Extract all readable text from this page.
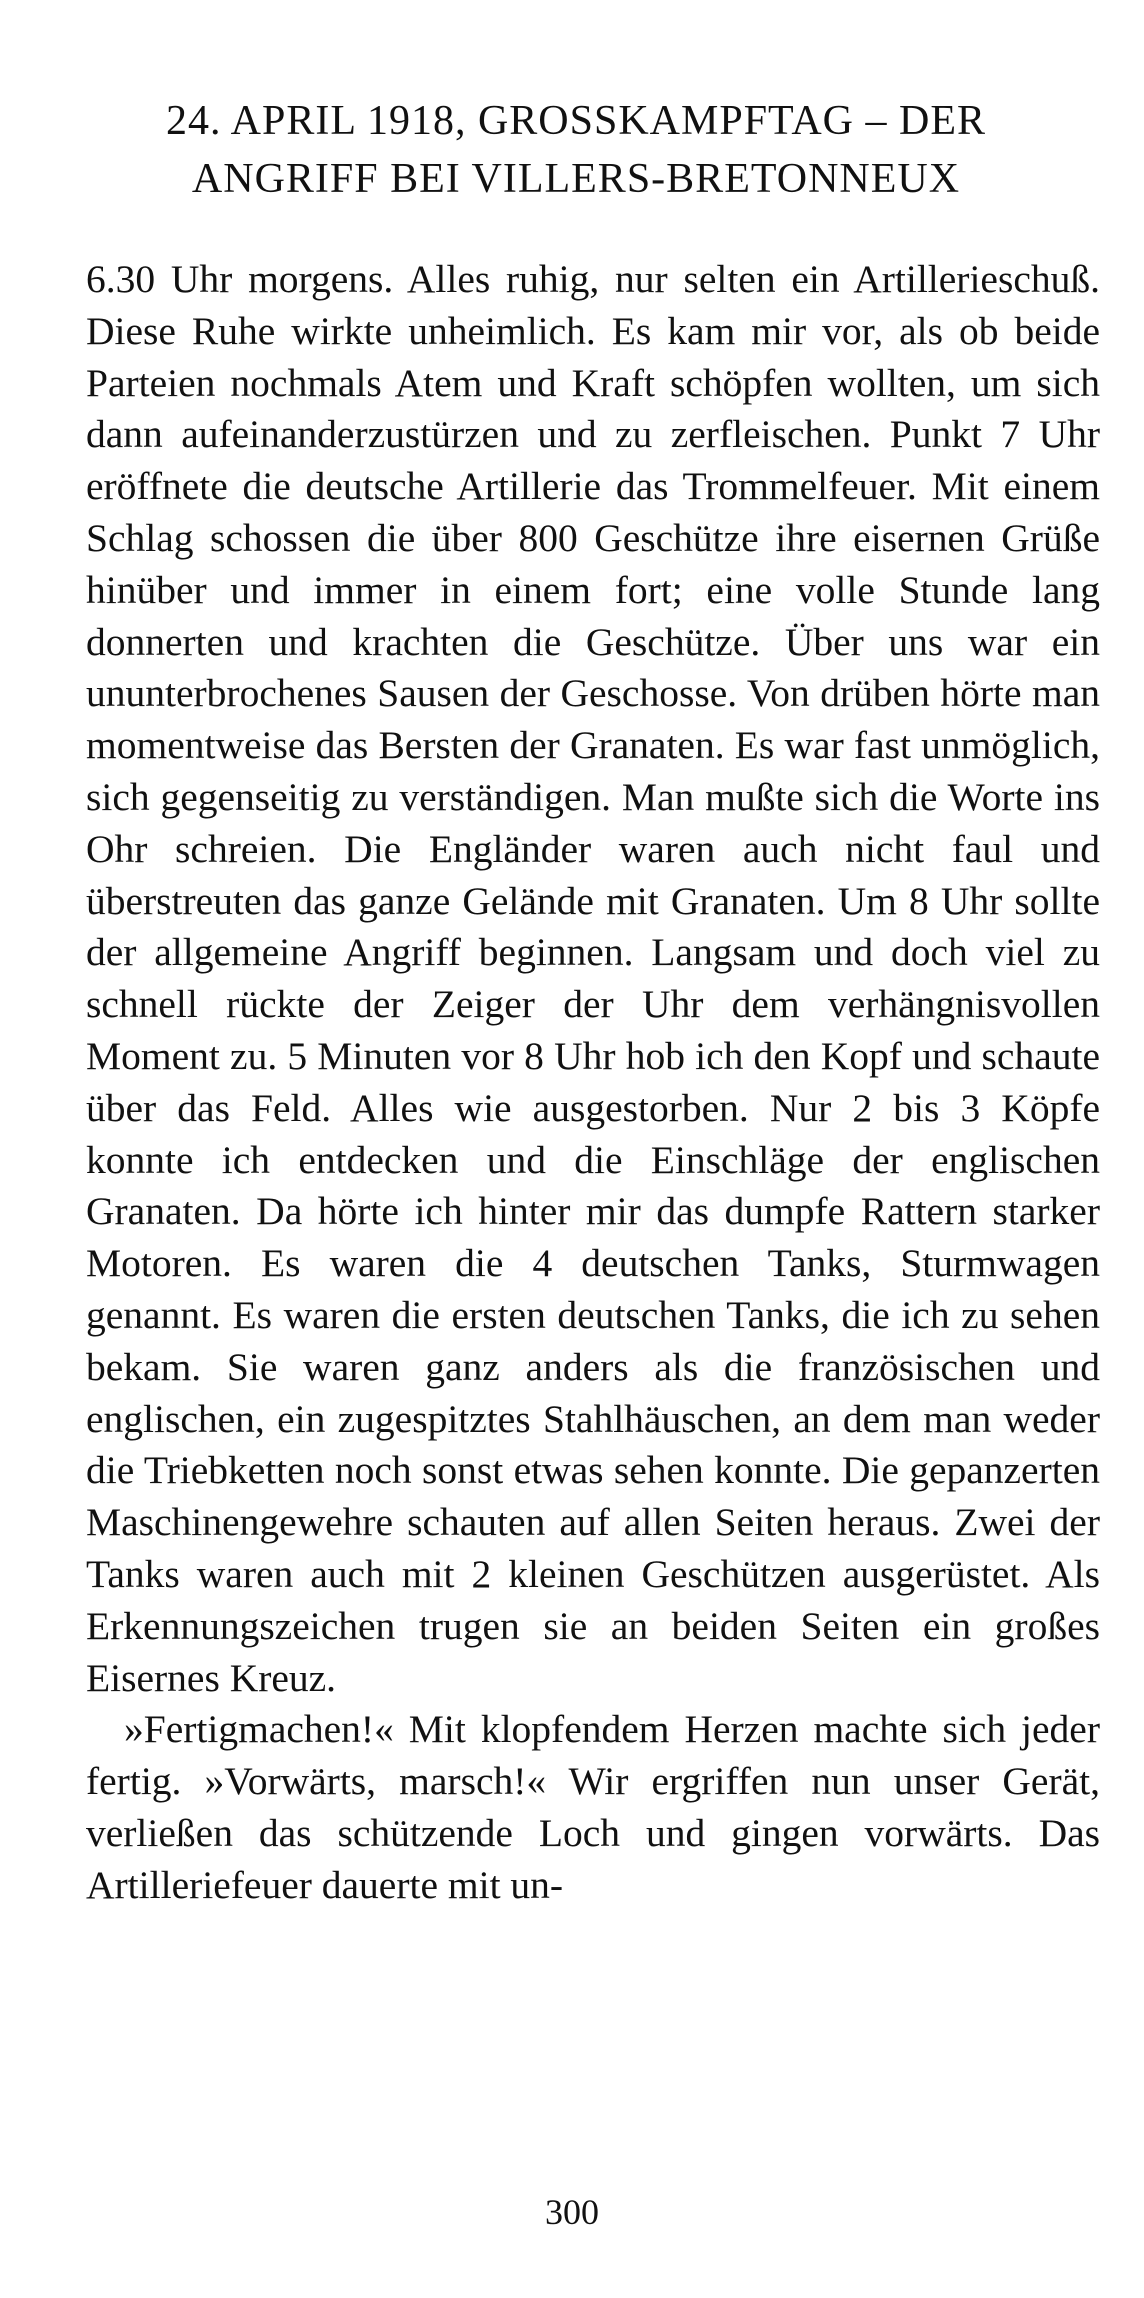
24. APRIL 1918, GROSSKAMPFTAG – DER
ANGRIFF BEI VILLERS-BRETONNEUX

6.30 Uhr morgens. Alles ruhig, nur selten ein Artillerieschuß. Diese Ruhe wirkte unheimlich. Es kam mir vor, als ob beide Parteien nochmals Atem und Kraft schöpfen wollten, um sich dann aufeinanderzustürzen und zu zerfleischen. Punkt 7 Uhr eröffnete die deutsche Artillerie das Trommelfeuer. Mit einem Schlag schossen die über 800 Geschütze ihre eisernen Grüße hinüber und immer in einem fort; eine volle Stunde lang donnerten und krachten die Geschütze. Über uns war ein ununterbrochenes Sausen der Geschosse. Von drüben hörte man momentweise das Bersten der Granaten. Es war fast unmöglich, sich gegenseitig zu verständigen. Man mußte sich die Worte ins Ohr schreien. Die Engländer waren auch nicht faul und überstreuten das ganze Gelände mit Granaten. Um 8 Uhr sollte der allgemeine Angriff beginnen. Langsam und doch viel zu schnell rückte der Zeiger der Uhr dem verhängnisvollen Moment zu. 5 Minuten vor 8 Uhr hob ich den Kopf und schaute über das Feld. Alles wie ausgestorben. Nur 2 bis 3 Köpfe konnte ich entdecken und die Einschläge der englischen Granaten. Da hörte ich hinter mir das dumpfe Rattern starker Motoren. Es waren die 4 deutschen Tanks, Sturmwagen genannt. Es waren die ersten deutschen Tanks, die ich zu sehen bekam. Sie waren ganz anders als die französischen und englischen, ein zugespitztes Stahlhäuschen, an dem man weder die Triebketten noch sonst etwas sehen konnte. Die gepanzerten Maschinengewehre schauten auf allen Seiten heraus. Zwei der Tanks waren auch mit 2 kleinen Geschützen ausgerüstet. Als Erkennungszeichen trugen sie an beiden Seiten ein großes Eisernes Kreuz.

»Fertigmachen!« Mit klopfendem Herzen machte sich jeder fertig. »Vorwärts, marsch!« Wir ergriffen nun unser Gerät, verließen das schützende Loch und gingen vorwärts. Das Artilleriefeuer dauerte mit un-

300
